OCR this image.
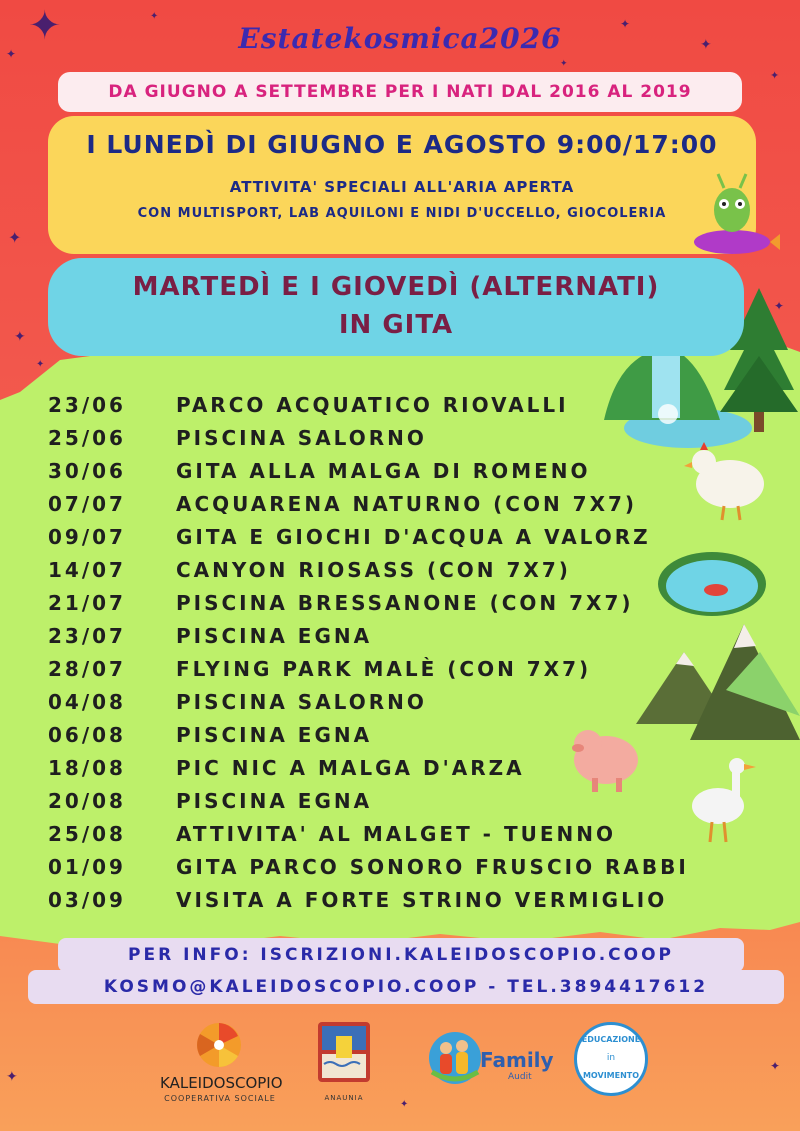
✦
✦
✦
✦
✦
✦
✦
✦
✦
✦
✦
✦
✦
✦
Estatekosmica2026
DA GIUGNO A SETTEMBRE PER I NATI DAL 2016 AL 2019
I LUNEDÌ DI GIUGNO E AGOSTO 9:00/17:00
ATTIVITA' SPECIALI ALL'ARIA APERTA
CON MULTISPORT, LAB AQUILONI E NIDI D'UCCELLO, GIOCOLERIA
MARTEDÌ E I GIOVEDÌ (ALTERNATI)
IN GITA
23/06	PARCO ACQUATICO RIOVALLI
25/06	PISCINA SALORNO
30/06	GITA ALLA MALGA DI ROMENO
07/07	ACQUARENA NATURNO (CON 7X7)
09/07	GITA E GIOCHI D'ACQUA A VALORZ
14/07	CANYON RIOSASS (CON 7X7)
21/07	PISCINA BRESSANONE (CON 7X7)
23/07	PISCINA EGNA
28/07	FLYING PARK MALÈ (CON 7X7)
04/08	PISCINA SALORNO
06/08	PISCINA EGNA
18/08	PIC NIC A MALGA D'ARZA
20/08	PISCINA EGNA
25/08	ATTIVITA' AL MALGET - TUENNO
01/09	GITA PARCO SONORO FRUSCIO RABBI
03/09	VISITA A FORTE STRINO VERMIGLIO
PER INFO: ISCRIZIONI.KALEIDOSCOPIO.COOP
KOSMO@KALEIDOSCOPIO.COOP - TEL.3894417612
KALEIDOSCOPIO
COOPERATIVA SOCIALE	ANAUNIA
Family
Audit
EDUCAZIONE
in
MOVIMENTO
